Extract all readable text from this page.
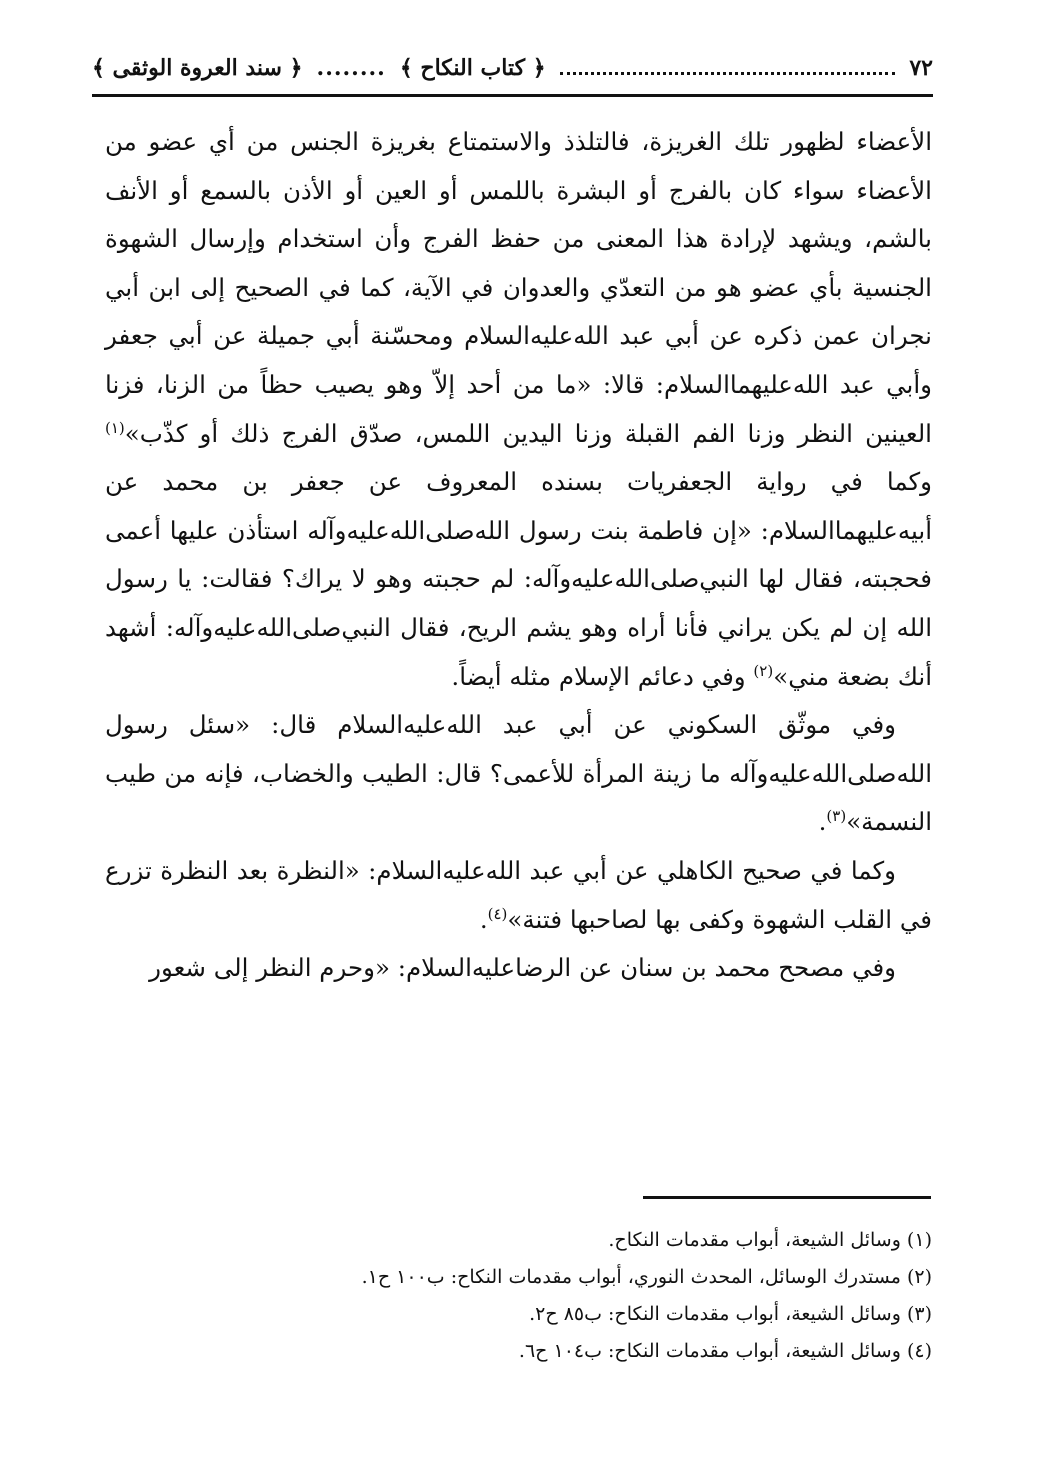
٧٢
﴿ كتاب النكاح ﴾
........
﴿ سند العروة الوثقى ﴾

الأعضاء لظهور تلك الغريزة، فالتلذذ والاستمتاع بغريزة الجنس من أي عضو من الأعضاء سواء كان بالفرج أو البشرة باللمس أو العين أو الأذن بالسمع أو الأنف بالشم، ويشهد لإرادة هذا المعنى من حفظ الفرج وأن استخدام وإرسال الشهوة الجنسية بأي عضو هو من التعدّي والعدوان في الآية، كما في الصحيح إلى ابن أبي نجران عمن ذكره عن أبي عبد الله‌عليه‌السلام ومحسّنة أبي جميلة عن أبي جعفر وأبي عبد الله‌عليهما‌السلام: قالا: «ما من أحد إلاّ وهو يصيب حظاً من الزنا، فزنا العينين النظر وزنا الفم القبلة وزنا اليدين اللمس، صدّق الفرج ذلك أو كذّب»$^{(١)}$ وكما في رواية الجعفريات بسنده المعروف عن جعفر بن محمد عن أبيه‌عليهما‌السلام: «إن فاطمة بنت رسول الله‌صلى‌الله‌عليه‌وآله استأذن عليها أعمى فحجبته، فقال لها النبي‌صلى‌الله‌عليه‌وآله: لم حجبته وهو لا يراك؟ فقالت: يا رسول الله إن لم يكن يراني فأنا أراه وهو يشم الريح، فقال النبي‌صلى‌الله‌عليه‌وآله: أشهد أنك بضعة مني»$^{(٢)}$ وفي دعائم الإسلام مثله أيضاً.

وفي موثّق السكوني عن أبي عبد الله‌عليه‌السلام قال: «سئل رسول الله‌صلى‌الله‌عليه‌وآله ما زينة المرأة للأعمى؟ قال: الطيب والخضاب، فإنه من طيب النسمة»$^{(٣)}$.

وكما في صحيح الكاهلي عن أبي عبد الله‌عليه‌السلام: «النظرة بعد النظرة تزرع في القلب الشهوة وكفى بها لصاحبها فتنة»$^{(٤)}$.

وفي مصحح محمد بن سنان عن الرضا‌عليه‌السلام: «وحرم النظر إلى شعور

(١) وسائل الشيعة، أبواب مقدمات النكاح.

(٢) مستدرك الوسائل، المحدث النوري، أبواب مقدمات النكاح: ب١٠٠ ح١.

(٣) وسائل الشيعة، أبواب مقدمات النكاح: ب٨٥ ح٢.

(٤) وسائل الشيعة، أبواب مقدمات النكاح: ب١٠٤ ح٦.
